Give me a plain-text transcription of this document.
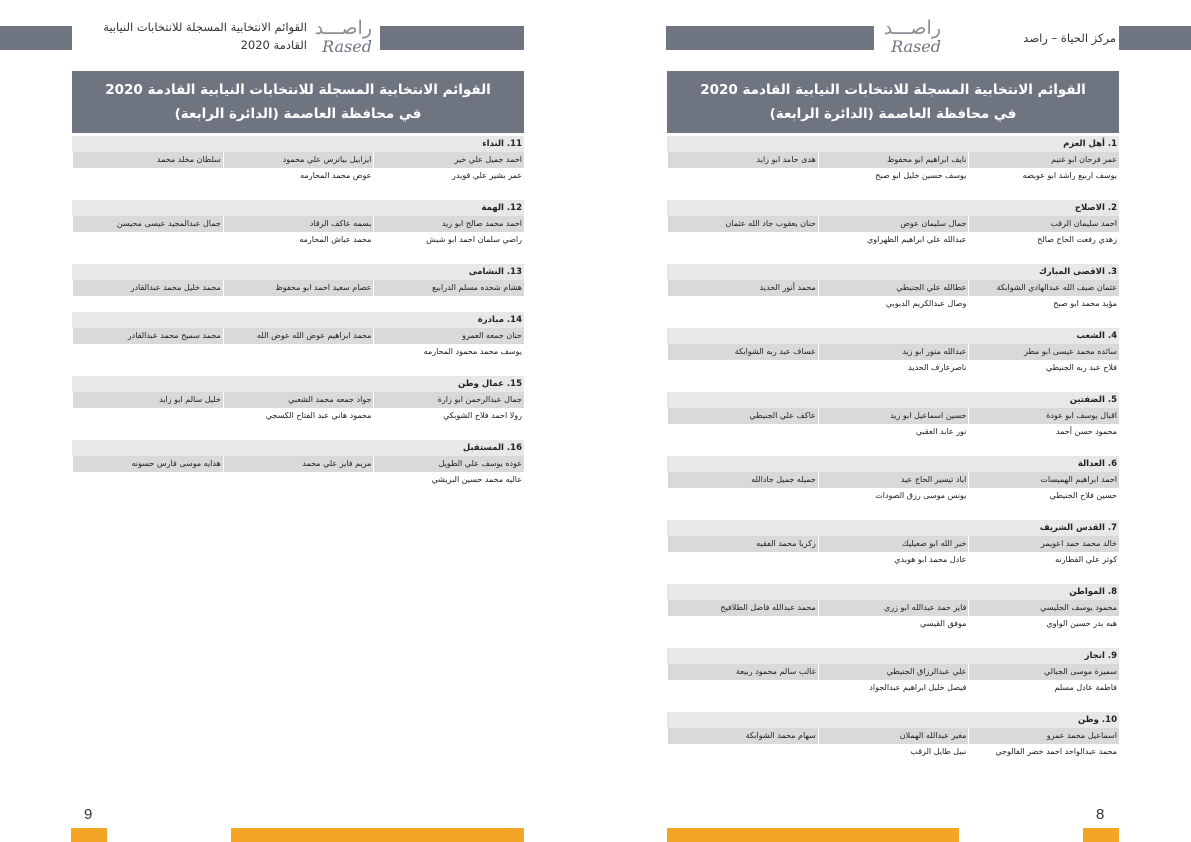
القوائم الانتخابية المسجلة للانتخابات النيابية
القادمة 2020
راصـــد
Rased
القوائم الانتخابية المسجلة للانتخابات النيابية القادمة 2020
في محافظة العاصمة (الدائرة الرابعة)
11. النداء
احمد جميل علي خير
ايزابيل بياترس علي محمود
سلطان مخلد محمد
عمر بشير علي قويدر
عوض محمد المحارمه
12. الهمة
احمد محمد صالح ابو زيد
بسمه عاكف الرقاد
جمال عبدالمجيد عيسى محيسن
راضي سلمان احمد ابو شيش
محمد عياش المحارمه
13. النشامى
هشام شحده مسلم الدرابيع
عصام سعيد احمد ابو محفوظ
محمد خليل محمد عبدالقادر
14. مبادرة
حنان جمعه العمرو
محمد ابراهيم عوض الله عوض الله
محمد سميح محمد عبدالقادر
يوسف محمد محمود المحارمه
15. عمال وطن
جمال عبدالرحمن ابو زارة
جواد جمعه محمد الشعبي
خليل سالم ابو زايد
رولا احمد فلاح الشوبكي
محمود هاني عبد الفتاح الكسجي
16. المستقبل
عوده يوسف علي الطويل
مريم فايز علي محمد
هدايه موسى فارس حسونه
عاليه محمد حسين البريشي
9
راصـــد
Rased	مركز الحياة – راصد
القوائم الانتخابية المسجلة للانتخابات النيابية القادمة 2020
في محافظة العاصمة (الدائرة الرابعة)
1. أهل العزم
عمر فرحان ابو غنيم
نايف ابراهيم ابو محفوظ
هدى حامد ابو زايد
يوسف اربيع راشد ابو عويضه
يوسف حسين خليل ابو صبح
2. الاصلاح
احمد سليمان الرقب
جمال سليمان عوض
حنان يعقوب جاد الله عثمان
زهدي رفعت الحاج صالح
عبدالله علي ابراهيم الظهراوي
3. الاقصى المبارك
عثمان ضيف الله عبدالهادي الشوابكة
عطالله علي الجنيطي
محمد أنور الحديد
مؤيد محمد ابو صبح
وصال عبدالكريم الدبوبي
4. الشعب
سائده محمد عيسى ابو مطر
عبدالله منور ابو زيد
عساف عبد ربه الشوابكة
فلاح عبد ربه الجنيطي
ناصرعارف الحديد
5. الضفتين
اقبال يوسف ابو عودة
حسين اسماعيل ابو زيد
عاكف علي الجنيطي
محمود حسن أحمد
نور عابد العقبي
6. العدالة
احمد ابراهيم الهميسات
اياد تيسير الحاج عيد
جميله جميل جادالله
حسين فلاح الجنيطي
يونس موسى رزق الصودات
7. القدس الشريف
خالد محمد حمد اعويمر
خير الله ابو صعيليك
زكريا محمد الفقيه
كوثر علي القطارنه
عادل محمد ابو هويدي
8. المواطن
محمود يوسف الجليسي
فايز حمد عبدالله ابو زري
محمد عبدالله فاضل الطلافيح
هبه بدر حسين الواوي
موفق القيسي
9. انجاز
سميرة موسى الجبالي
علي عبدالرزاق الجنيطي
غالب سالم محمود ربيعة
فاطمة عادل مسلم
فيصل خليل ابراهيم عبدالجواد
10. وطن
اسماعيل محمد عمرو
مغير عبدالله الهملان
سهام محمد الشوابكة
محمد عبدالواحد احمد خضر الفالوجي
نبيل طايل الرقب
8
